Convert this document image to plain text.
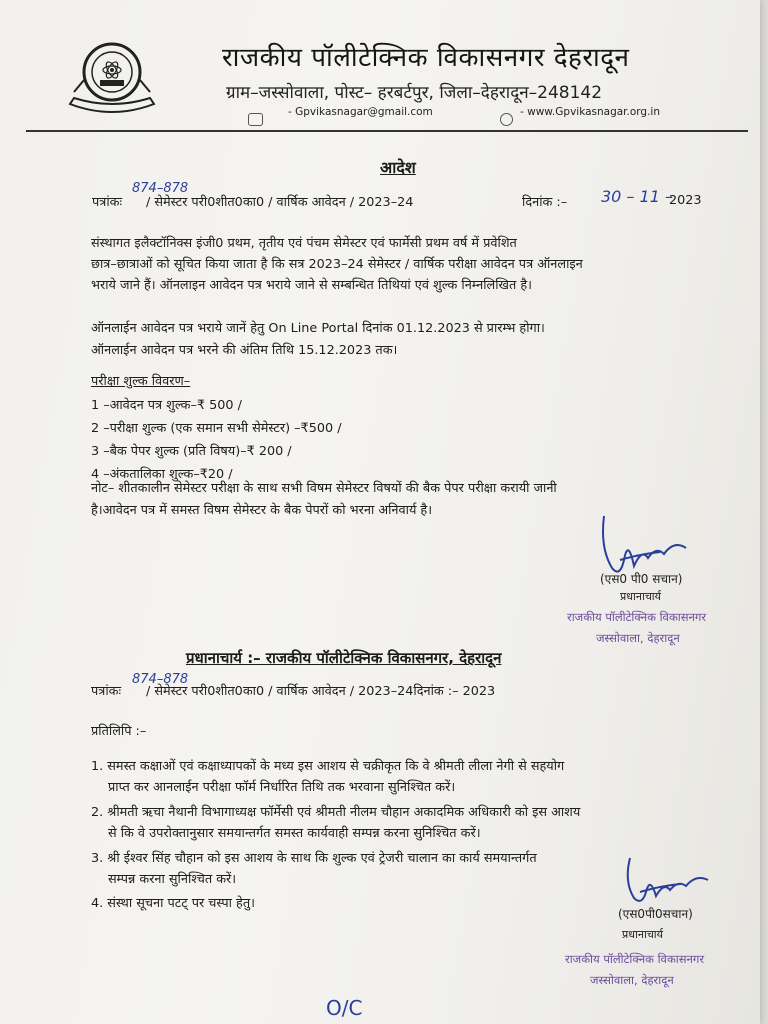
राजकीय पॉलीटेक्निक विकासनगर देहरादून
ग्राम–जस्सोवाला, पोस्ट– हरबर्टपुर, जिला–देहरादून–248142
- Gpvikasnagar@gmail.com	- www.Gpvikasnagar.org.in
आदेश
पत्रांकः
874–878
/ सेमेस्टर परी0शीत0का0 / वार्षिक आवेदन / 2023–24	दिनांक :– 30 – 11 –
2023
संस्थागत इलैक्टॉनिक्स इंजी0 प्रथम, तृतीय एवं पंचम सेमेस्टर एवं फार्मेसी प्रथम वर्ष में प्रवेशित
छात्र–छात्राओं को सूचित किया जाता है कि सत्र 2023–24 सेमेस्टर / वार्षिक परीक्षा आवेदन पत्र ऑनलाइन
भराये जाने हैं। ऑनलाइन आवेदन पत्र भराये जाने से सम्बन्धित तिथियां एवं शुल्क निम्नलिखित है।
ऑनलाईन आवेदन पत्र भराये जानें हेतु On Line Portal दिनांक 01.12.2023 से प्रारम्भ होगा।
ऑनलाईन आवेदन पत्र भरने की अंतिम तिथि 15.12.2023 तक।
परीक्षा शुल्क विवरण–
1 –आवेदन पत्र शुल्क–₹ 500 /
2 –परीक्षा शुल्क (एक समान सभी सेमेस्टर) –₹500 /
3 –बैक पेपर शुल्क (प्रति विषय)–₹ 200 /
4 –अंकतालिका शुल्क–₹20 /
नोट– शीतकालीन सेमेस्टर परीक्षा के साथ सभी विषम सेमेस्टर विषयों की बैक पेपर परीक्षा करायी जानी
है।आवेदन पत्र में समस्त विषम सेमेस्टर के बैक पेपरों को भरना अनिवार्य है।
(एस0 पी0 सचान)
प्रधानाचार्य
राजकीय पॉलीटेक्निक विकासनगर
जस्सोवाला, देहरादून
प्रधानाचार्य :– राजकीय पॉलीटेक्निक विकासनगर, देहरादून
पत्रांकः
874–878
/ सेमेस्टर परी0शीत0का0 / वार्षिक आवेदन / 2023–24दिनांक :– 2023
प्रतिलिपि :–
1. समस्त कक्षाओं एवं कक्षाध्यापकों के मध्य इस आशय से चक्रीकृत कि वे श्रीमती लीला नेगी से सहयोग
प्राप्त कर आनलाईन परीक्षा फॉर्म निर्धारित तिथि तक भरवाना सुनिश्चित करें।
2. श्रीमती ऋचा नैथानी विभागाध्यक्ष फॉर्मेसी एवं श्रीमती नीलम चौहान अकादमिक अधिकारी को इस आशय
से कि वे उपरोक्तानुसार समयान्तर्गत समस्त कार्यवाही सम्पन्न करना सुनिश्चित करें।
3. श्री ईश्वर सिंह चौहान को इस आशय के साथ कि शुल्क एवं ट्रेजरी चालान का कार्य समयान्तर्गत
सम्पन्न करना सुनिश्चित करें।
4. संस्था सूचना पटट् पर चस्पा हेतु।
(एस0पी0सचान)
प्रधानाचार्य
राजकीय पॉलीटेक्निक विकासनगर
जस्सोवाला, देहरादून
O/C
